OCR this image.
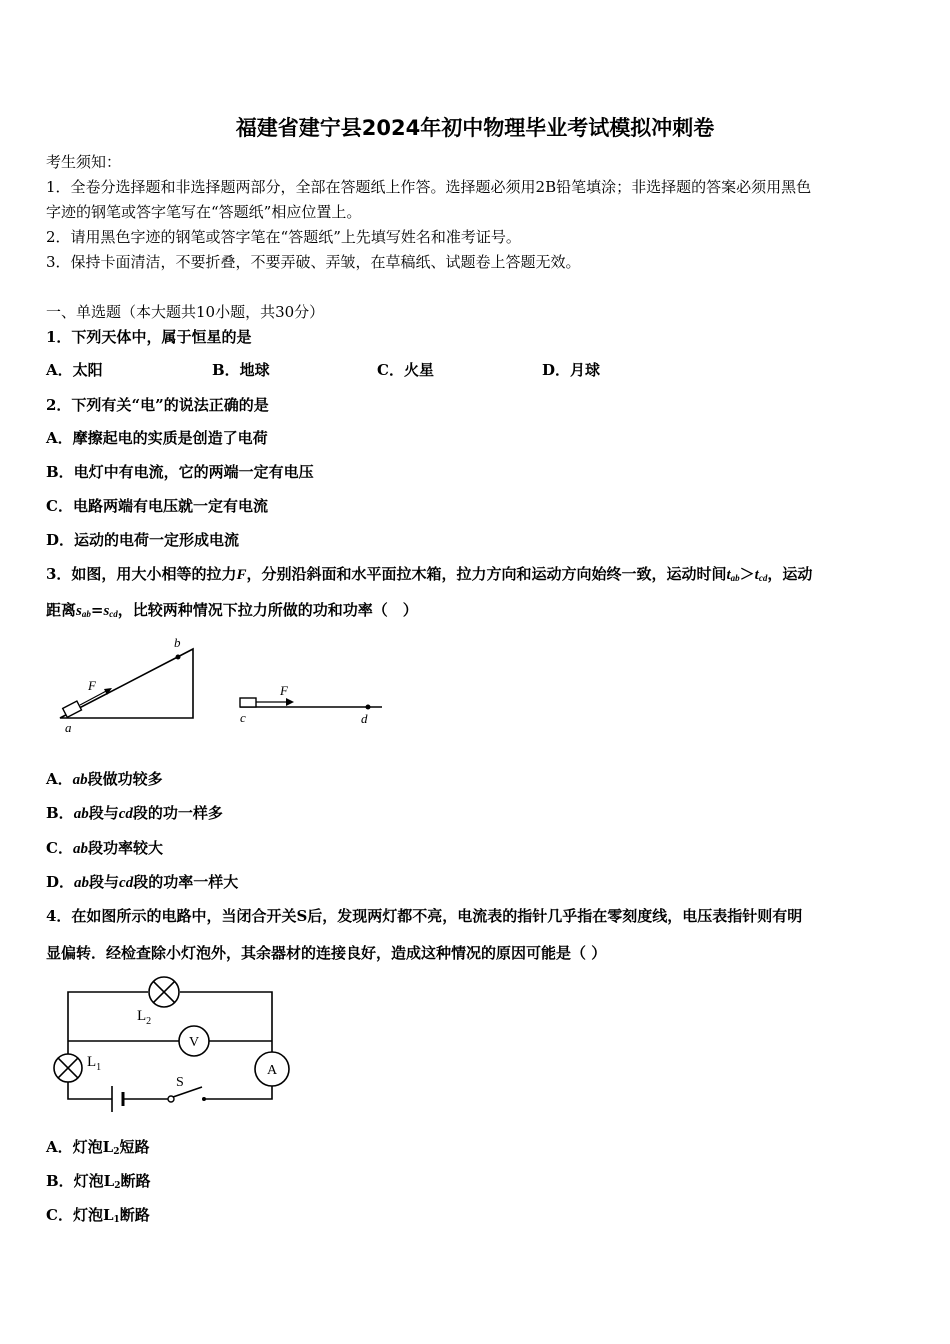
福建省建宁县2024年初中物理毕业考试模拟冲刺卷
考生须知：
1．全卷分选择题和非选择题两部分，全部在答题纸上作答。选择题必须用2B铅笔填涂；非选择题的答案必须用黑色
字迹的钢笔或答字笔写在“答题纸”相应位置上。
2．请用黑色字迹的钢笔或答字笔在“答题纸”上先填写姓名和准考证号。
3．保持卡面清洁，不要折叠，不要弄破、弄皱，在草稿纸、试题卷上答题无效。
一、单选题（本大题共10小题，共30分）
1．下列天体中，属于恒星的是
A．太阳	B．地球	C．火星	D．月球
2．下列有关“电”的说法正确的是
A．摩擦起电的实质是创造了电荷
B．电灯中有电流，它的两端一定有电压
C．电路两端有电压就一定有电流
D．运动的电荷一定形成电流
3．如图，用大小相等的拉力F，分别沿斜面和水平面拉木箱，拉力方向和运动方向始终一致，运动时间$t_{ab}>t_{cd}$，运动
距离$s_{ab}=s_{cd}$，比较两种情况下拉力所做的功和功率（　）
F
b
a
F
c	d
A．ab段做功较多
B．ab段与cd段的功一样多
C．ab段功率较大
D．ab段与cd段的功率一样大
4．在如图所示的电路中，当闭合开关S后，发现两灯都不亮，电流表的指针几乎指在零刻度线，电压表指针则有明
显偏转．经检查除小灯泡外，其余器材的连接良好，造成这种情况的原因可能是（ ）
$L_2$
V
$L_1$	A
S
A．灯泡$L_2$短路
B．灯泡$L_2$断路
C．灯泡$L_1$断路
